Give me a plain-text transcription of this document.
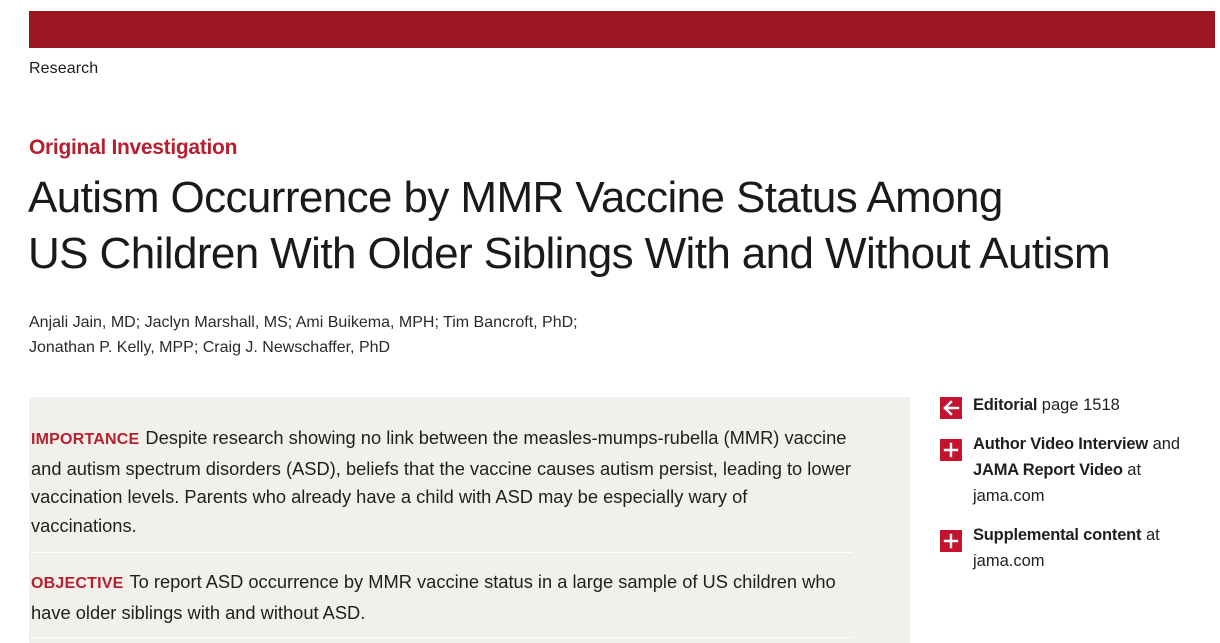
Research
Original Investigation
Autism Occurrence by MMR Vaccine Status Among
US Children With Older Siblings With and Without Autism
Anjali Jain, MD; Jaclyn Marshall, MS; Ami Buikema, MPH; Tim Bancroft, PhD;
Jonathan P. Kelly, MPP; Craig J. Newschaffer, PhD
IMPORTANCE Despite research showing no link between the measles-mumps-rubella (MMR) vaccine and autism spectrum disorders (ASD), beliefs that the vaccine causes autism persist, leading to lower vaccination levels. Parents who already have a child with ASD may be especially wary of vaccinations.
OBJECTIVE To report ASD occurrence by MMR vaccine status in a large sample of US children who have older siblings with and without ASD.
Editorial page 1518
Author Video Interview and JAMA Report Video at jama.com
Supplemental content at jama.com
